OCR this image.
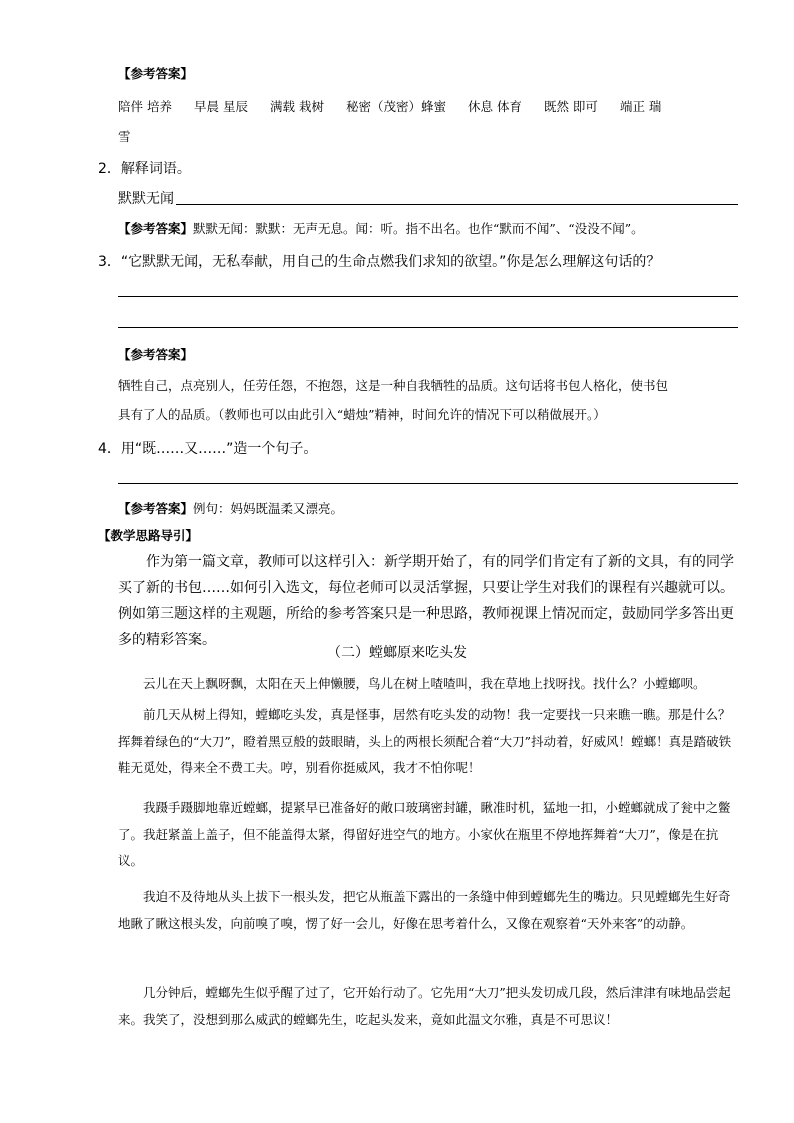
【参考答案】
陪伴 培养 早晨 星辰 满载 栽树 秘密（茂密）蜂蜜 休息 体育 既然 即可 端正 瑞
雪
2．解释词语。
默默无闻
【参考答案】默默无闻：默默：无声无息。闻：听。指不出名。也作“默而不闻”、“没没不闻”。
3．“它默默无闻，无私奉献，用自己的生命点燃我们求知的欲望。”你是怎么理解这句话的？
【参考答案】
牺牲自己，点亮别人，任劳任怨，不抱怨，这是一种自我牺牲的品质。这句话将书包人格化，使书包
具有了人的品质。（教师也可以由此引入“蜡烛”精神，时间允许的情况下可以稍做展开。）
4．用“既……又……”造一个句子。
【参考答案】例句：妈妈既温柔又漂亮。
【教学思路导引】
作为第一篇文章，教师可以这样引入：新学期开始了，有的同学们肯定有了新的文具，有的同学买了新的书包……如何引入选文，每位老师可以灵活掌握，只要让学生对我们的课程有兴趣就可以。例如第三题这样的主观题，所给的参考答案只是一种思路，教师视课上情况而定，鼓励同学多答出更多的精彩答案。
（二）螳螂原来吃头发
云儿在天上飘呀飘，太阳在天上伸懒腰，鸟儿在树上喳喳叫，我在草地上找呀找。找什么？小螳螂呗。
前几天从树上得知，螳螂吃头发，真是怪事，居然有吃头发的动物！我一定要找一只来瞧一瞧。那是什么？挥舞着绿色的“大刀”，瞪着黑豆般的鼓眼睛，头上的两根长须配合着“大刀”抖动着，好威风！螳螂！真是踏破铁鞋无觅处，得来全不费工夫。哼，别看你挺威风，我才不怕你呢！
我蹑手蹑脚地靠近螳螂，提紧早已准备好的敞口玻璃密封罐，瞅准时机，猛地一扣，小螳螂就成了瓮中之鳖了。我赶紧盖上盖子，但不能盖得太紧，得留好进空气的地方。小家伙在瓶里不停地挥舞着“大刀”，像是在抗议。
我迫不及待地从头上拔下一根头发，把它从瓶盖下露出的一条缝中伸到螳螂先生的嘴边。只见螳螂先生好奇地瞅了瞅这根头发，向前嗅了嗅，愣了好一会儿，好像在思考着什么，又像在观察着“天外来客”的动静。
几分钟后，螳螂先生似乎醒了过了，它开始行动了。它先用“大刀”把头发切成几段，然后津津有味地品尝起来。我笑了，没想到那么威武的螳螂先生，吃起头发来，竟如此温文尔雅，真是不可思议！
